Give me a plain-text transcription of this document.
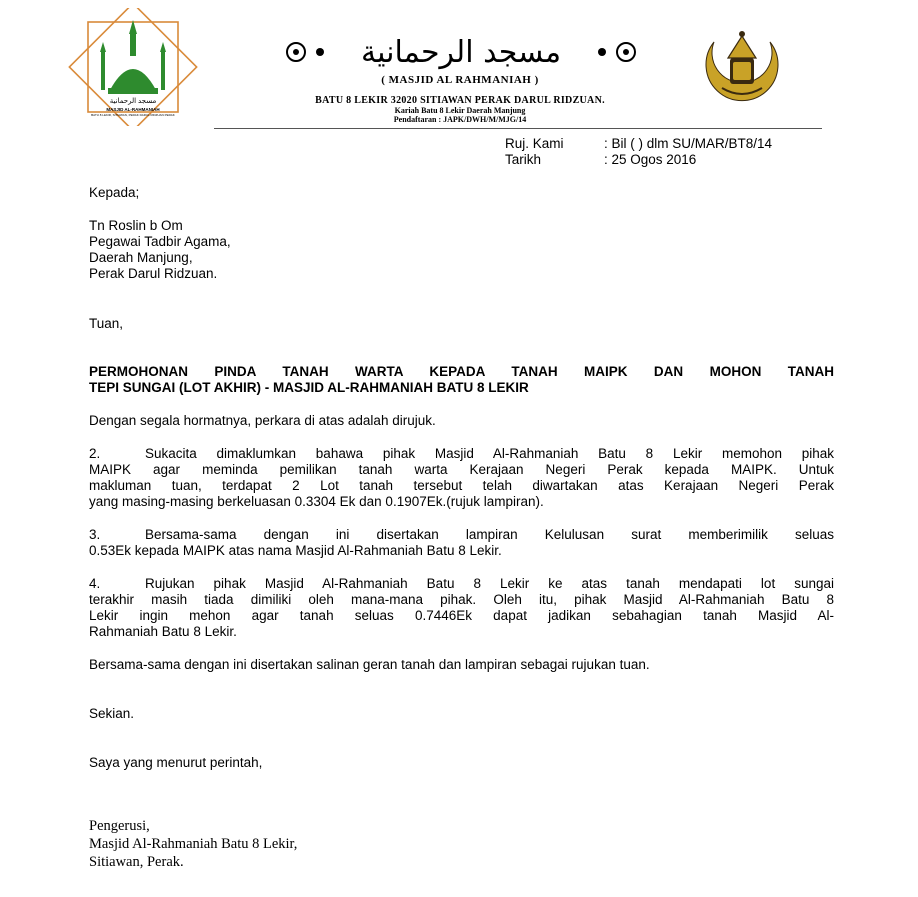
مسجد الرحمانية
MASJID AL-RAHMANIAH
BATU 8 LEKIR, SITIAWAN, PERAK DARUL RIDZUAN PERAK
مسجد الرحمانية
( MASJID AL RAHMANIAH )
BATU 8 LEKIR 32020 SITIAWAN PERAK DARUL RIDZUAN.
Kariah Batu 8 Lekir Daerah Manjung
Pendaftaran : JAPK/DWH/M/MJG/14
Ruj. Kami	: Bil ( ) dlm SU/MAR/BT8/14
Tarikh	: 25 Ogos 2016
Kepada;
Tn Roslin b Om
Pegawai Tadbir Agama,
Daerah Manjung,
Perak Darul Ridzuan.
Tuan,
PERMOHONAN PINDA TANAH WARTA KEPADA TANAH MAIPK DAN MOHON TANAH
TEPI SUNGAI (LOT AKHIR) - MASJID AL-RAHMANIAH BATU 8 LEKIR
Dengan segala hormatnya, perkara di atas adalah dirujuk.
2.	Sukacita dimaklumkan bahawa pihak Masjid Al-Rahmaniah Batu 8 Lekir memohon pihak
MAIPK agar meminda pemilikan tanah warta Kerajaan Negeri Perak kepada MAIPK. Untuk
makluman tuan, terdapat 2 Lot tanah tersebut telah diwartakan atas Kerajaan Negeri Perak
yang masing-masing berkeluasan 0.3304 Ek dan 0.1907Ek.(rujuk lampiran).
3.	Bersama-sama dengan ini disertakan lampiran Kelulusan surat memberimilik seluas
0.53Ek kepada MAIPK atas nama Masjid Al-Rahmaniah Batu 8 Lekir.
4.	Rujukan pihak Masjid Al-Rahmaniah Batu 8 Lekir ke atas tanah mendapati lot sungai
terakhir masih tiada dimiliki oleh mana-mana pihak. Oleh itu, pihak Masjid Al-Rahmaniah Batu 8
Lekir ingin mehon agar tanah seluas 0.7446Ek dapat jadikan sebahagian tanah Masjid Al-
Rahmaniah Batu 8 Lekir.
Bersama-sama dengan ini disertakan salinan geran tanah dan lampiran sebagai rujukan tuan.
Sekian.
Saya yang menurut perintah,
Pengerusi,
Masjid Al-Rahmaniah Batu 8 Lekir,
Sitiawan, Perak.
